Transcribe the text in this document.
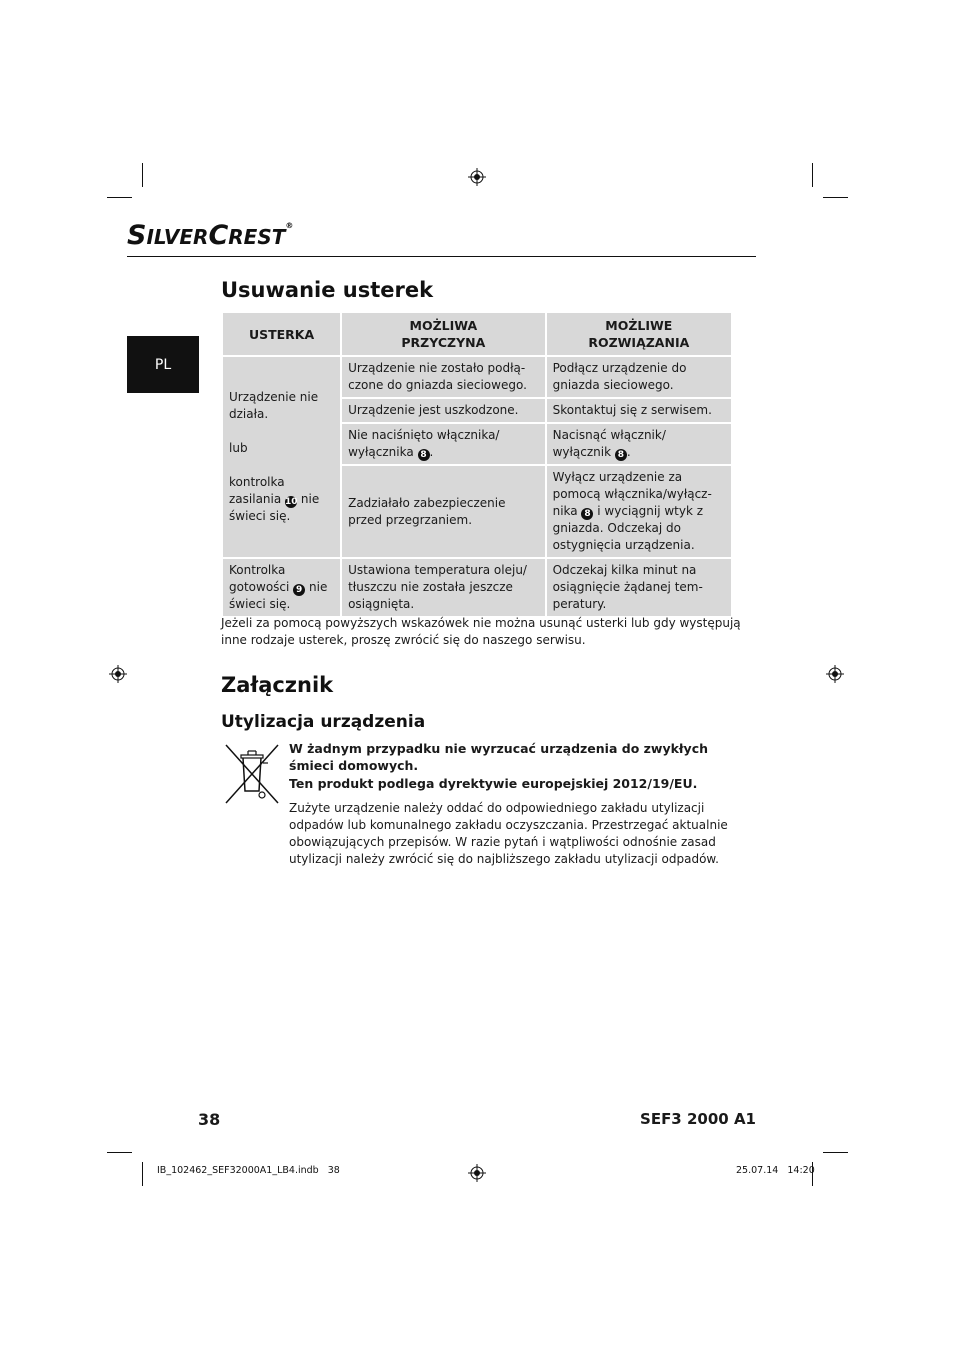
SILVERCREST®
PL
Usuwanie usterek
USTERKA	MOŻLIWA PRZYCZYNA	MOŻLIWE ROZWIĄZANIA

Urządzenie nie działa.
lub
kontrolka zasilania 10 nie świeci się.	Urządzenie nie zostało podłą-czone do gniazda sieciowego.	Podłącz urządzenie do gniazda sieciowego.
	Urządzenie jest uszkodzone.	Skontaktuj się z serwisem.
	Nie naciśnięto włącznika/ wyłącznika 8 .	Nacisnąć włącznik/ wyłącznik 8 .
	Zadziałało zabezpieczenie przed przegrzaniem.	Wyłącz urządzenie za pomocą włącznika/wyłącz-nika 8 i wyciągnij wtyk z gniazda. Odczekaj do ostygnięcia urządzenia.
Kontrolka gotowości 9 nie świeci się.	Ustawiona temperatura oleju/ tłuszczu nie została jeszcze osiągnięta.	Odczekaj kilka minut na osiągnięcie żądanej tem-peratury.
Jeżeli za pomocą powyższych wskazówek nie można usunąć usterki lub gdy występują inne rodzaje usterek, proszę zwrócić się do naszego serwisu.
Załącznik
Utylizacja urządzenia
W żadnym przypadku nie wyrzucać urządzenia do zwykłych śmieci domowych.
Ten produkt podlega dyrektywie europejskiej 2012/19/EU.
Zużyte urządzenie należy oddać do odpowiedniego zakładu utylizacji odpadów lub komunalnego zakładu oczyszczania. Przestrzegać aktualnie obowiązujących przepisów. W razie pytań i wątpliwości odnośnie zasad utylizacji należy zwrócić się do najbliższego zakładu utylizacji odpadów.
38	SEF3 2000 A1
IB_102462_SEF32000A1_LB4.indb   38	25.07.14   14:20
